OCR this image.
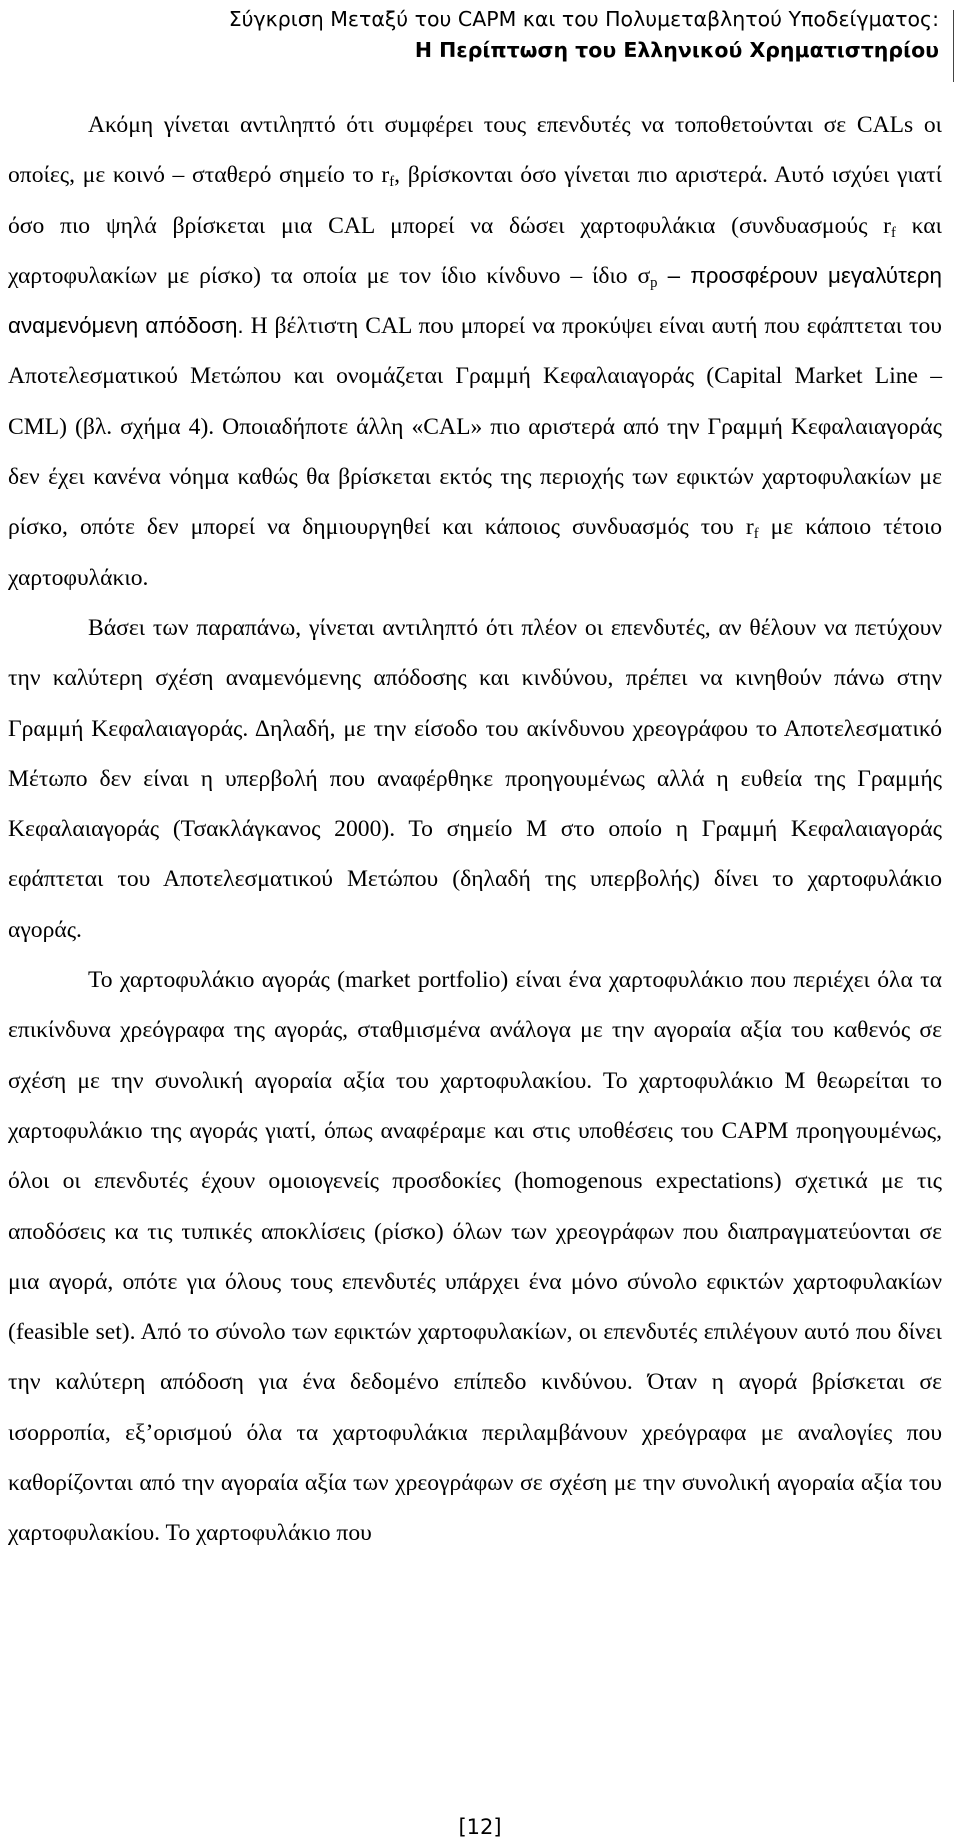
Σύγκριση Μεταξύ του CAPM και του Πολυμεταβλητού Υποδείγματος:
Η Περίπτωση του Ελληνικού Χρηματιστηρίου

Ακόμη γίνεται αντιληπτό ότι συμφέρει τους επενδυτές να τοποθετούνται σε CALs οι οποίες, με κοινό – σταθερό σημείο το $r_f$, βρίσκονται όσο γίνεται πιο αριστερά. Αυτό ισχύει γιατί όσο πιο ψηλά βρίσκεται μια CAL μπορεί να δώσει χαρτοφυλάκια (συνδυασμούς $r_f$ και χαρτοφυλακίων με ρίσκο) τα οποία με τον ίδιο κίνδυνο – ίδιο $\sigma_p$ – προσφέρουν μεγαλύτερη αναμενόμενη απόδοση. Η βέλτιστη CAL που μπορεί να προκύψει είναι αυτή που εφάπτεται του Αποτελεσματικού Μετώπου και ονομάζεται Γραμμή Κεφαλαιαγοράς (Capital Market Line – CML) (βλ. σχήμα 4). Οποιαδήποτε άλλη «CAL» πιο αριστερά από την Γραμμή Κεφαλαιαγοράς δεν έχει κανένα νόημα καθώς θα βρίσκεται εκτός της περιοχής των εφικτών χαρτοφυλακίων με ρίσκο, οπότε δεν μπορεί να δημιουργηθεί και κάποιος συνδυασμός του $r_f$ με κάποιο τέτοιο χαρτοφυλάκιο.

Βάσει των παραπάνω, γίνεται αντιληπτό ότι πλέον οι επενδυτές, αν θέλουν να πετύχουν την καλύτερη σχέση αναμενόμενης απόδοσης και κινδύνου, πρέπει να κινηθούν πάνω στην Γραμμή Κεφαλαιαγοράς. Δηλαδή, με την είσοδο του ακίνδυνου χρεογράφου το Αποτελεσματικό Μέτωπο δεν είναι η υπερβολή που αναφέρθηκε προηγουμένως αλλά η ευθεία της Γραμμής Κεφαλαιαγοράς (Τσακλάγκανος 2000). Το σημείο Μ στο οποίο η Γραμμή Κεφαλαιαγοράς εφάπτεται του Αποτελεσματικού Μετώπου (δηλαδή της υπερβολής) δίνει το χαρτοφυλάκιο αγοράς.

Το χαρτοφυλάκιο αγοράς (market portfolio) είναι ένα χαρτοφυλάκιο που περιέχει όλα τα επικίνδυνα χρεόγραφα της αγοράς, σταθμισμένα ανάλογα με την αγοραία αξία του καθενός σε σχέση με την συνολική αγοραία αξία του χαρτοφυλακίου. Το χαρτοφυλάκιο Μ θεωρείται το χαρτοφυλάκιο της αγοράς γιατί, όπως αναφέραμε και στις υποθέσεις του CAPM προηγουμένως, όλοι οι επενδυτές έχουν ομοιογενείς προσδοκίες (homogenous expectations) σχετικά με τις αποδόσεις κα τις τυπικές αποκλίσεις (ρίσκο) όλων των χρεογράφων που διαπραγματεύονται σε μια αγορά, οπότε για όλους τους επενδυτές υπάρχει ένα μόνο σύνολο εφικτών χαρτοφυλακίων (feasible set). Από το σύνολο των εφικτών χαρτοφυλακίων, οι επενδυτές επιλέγουν αυτό που δίνει την καλύτερη απόδοση για ένα δεδομένο επίπεδο κινδύνου. Όταν η αγορά βρίσκεται σε ισορροπία, εξ’ορισμού όλα τα χαρτοφυλάκια περιλαμβάνουν χρεόγραφα με αναλογίες που καθορίζονται από την αγοραία αξία των χρεογράφων σε σχέση με την συνολική αγοραία αξία του χαρτοφυλακίου. Το χαρτοφυλάκιο που

[12]
